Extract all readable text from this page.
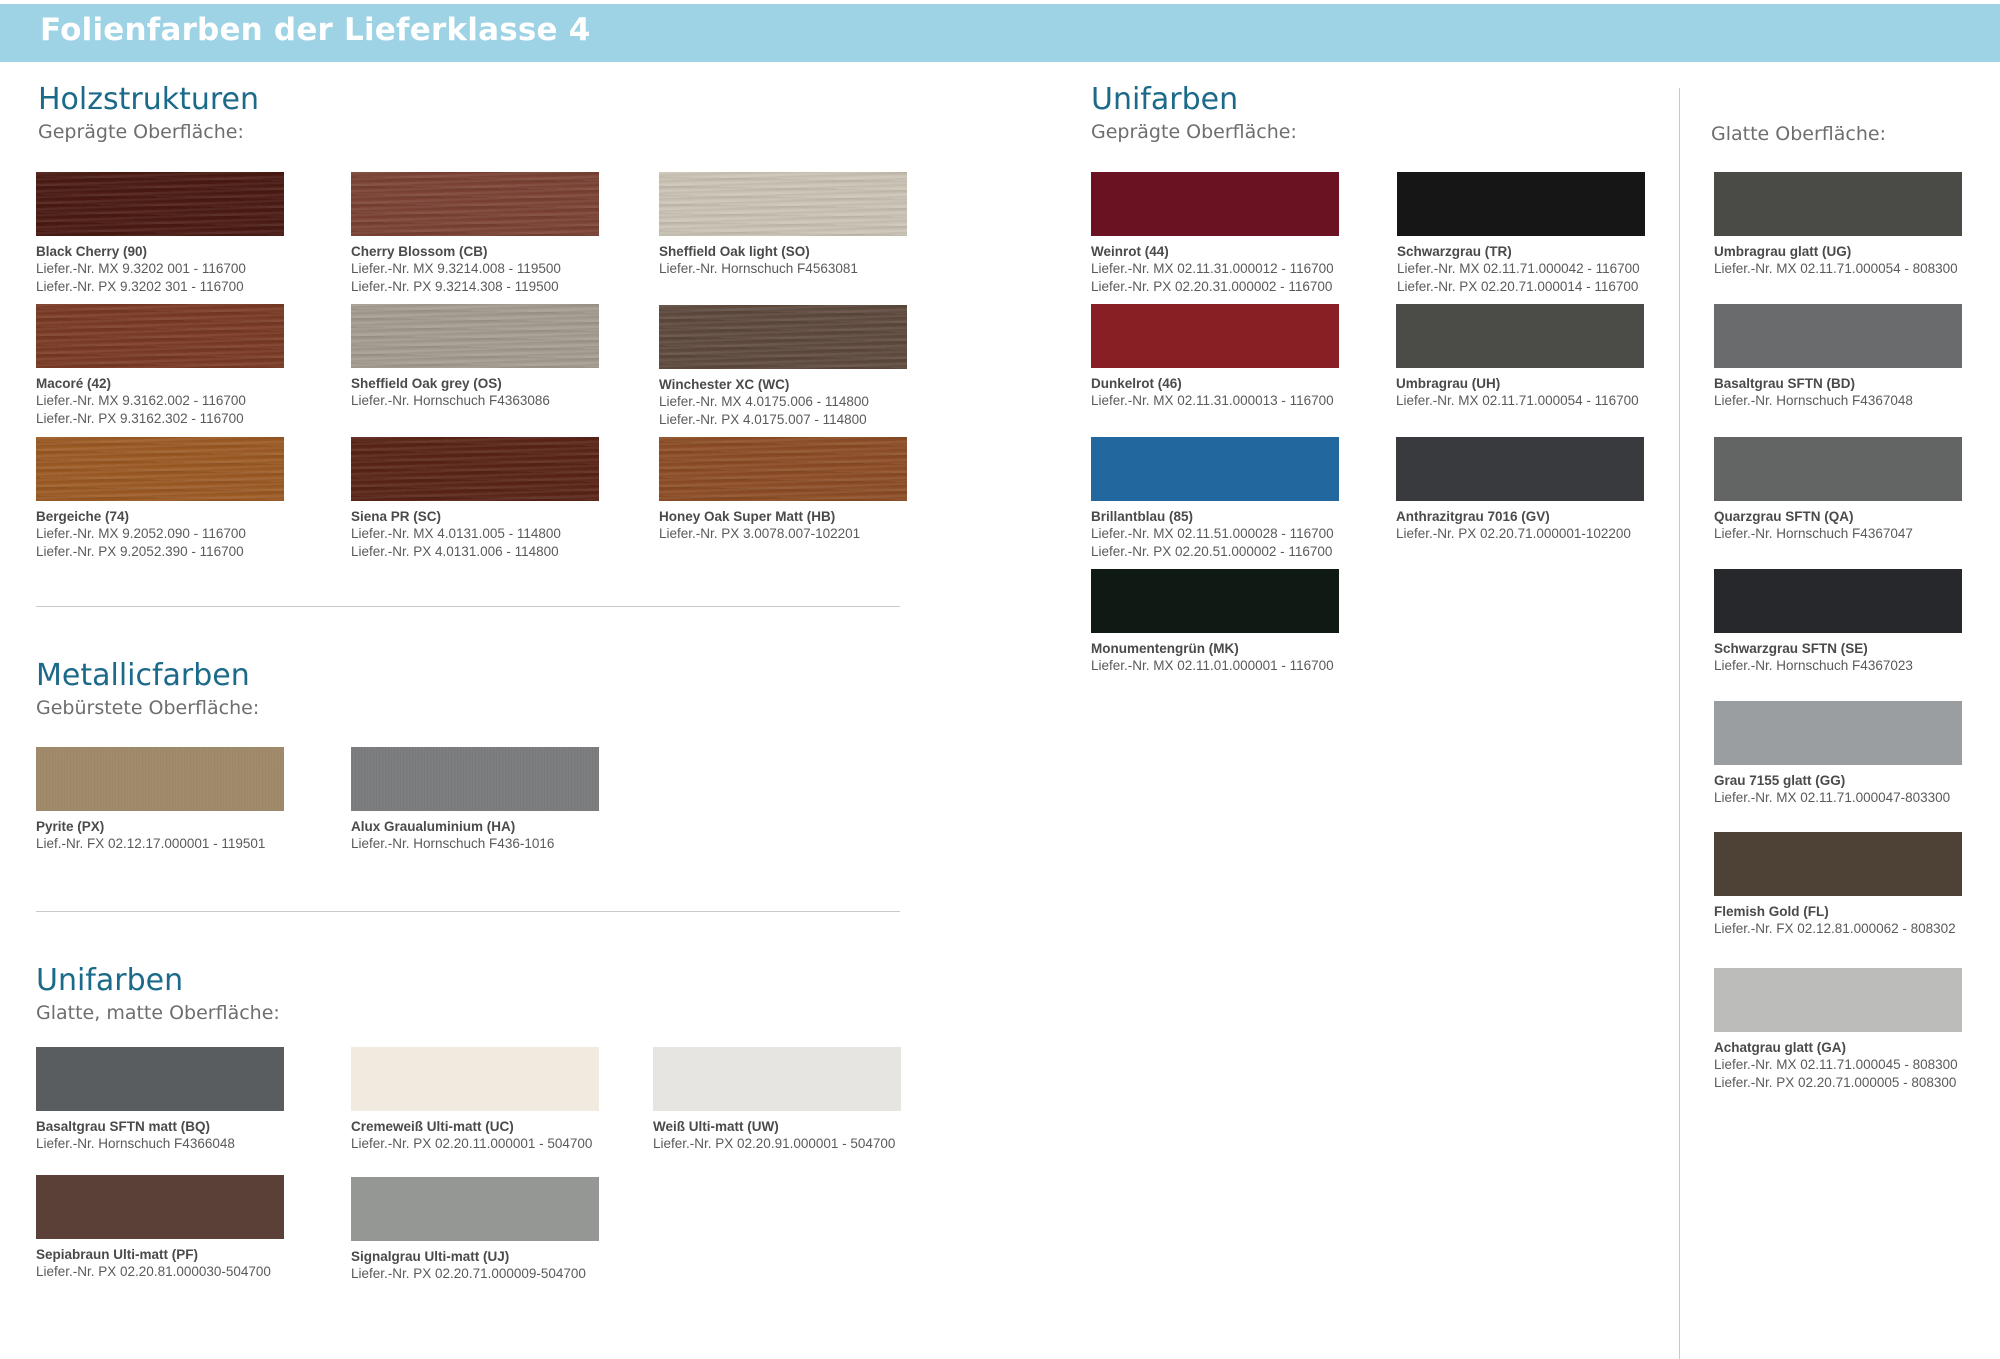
Folienfarben der Lieferklasse 4
Holzstrukturen
Geprägte Oberfläche:
Metallicfarben
Gebürstete Oberfläche:
Unifarben
Glatte, matte Oberfläche:
Unifarben
Geprägte Oberfläche:	Glatte Oberfläche:
Black Cherry (90)
Liefer.-Nr. MX 9.3202 001 - 116700
Liefer.-Nr. PX 9.3202 301 - 116700
Cherry Blossom (CB)
Liefer.-Nr. MX 9.3214.008 - 119500
Liefer.-Nr. PX 9.3214.308 - 119500
Sheffield Oak light (SO)
Liefer.-Nr. Hornschuch F4563081
Macoré (42)
Liefer.-Nr. MX 9.3162.002 - 116700
Liefer.-Nr. PX 9.3162.302 - 116700
Sheffield Oak grey (OS)
Liefer.-Nr. Hornschuch F4363086
Winchester XC (WC)
Liefer.-Nr. MX 4.0175.006 - 114800
Liefer.-Nr. PX 4.0175.007 - 114800
Bergeiche (74)
Liefer.-Nr. MX 9.2052.090 - 116700
Liefer.-Nr. PX 9.2052.390 - 116700
Siena PR (SC)
Liefer.-Nr. MX 4.0131.005 - 114800
Liefer.-Nr. PX 4.0131.006 - 114800
Honey Oak Super Matt (HB)
Liefer.-Nr. PX 3.0078.007-102201
Pyrite (PX)
Lief.-Nr. FX 02.12.17.000001 - 119501
Alux Graualuminium (HA)
Liefer.-Nr. Hornschuch F436-1016
Basaltgrau SFTN matt (BQ)
Liefer.-Nr. Hornschuch F4366048
Cremeweiß Ulti-matt (UC)
Liefer.-Nr. PX 02.20.11.000001 - 504700
Weiß Ulti-matt (UW)
Liefer.-Nr. PX 02.20.91.000001 - 504700
Sepiabraun Ulti-matt (PF)
Liefer.-Nr. PX 02.20.81.000030-504700
Signalgrau Ulti-matt (UJ)
Liefer.-Nr. PX 02.20.71.000009-504700
Weinrot (44)
Liefer.-Nr. MX 02.11.31.000012 - 116700
Liefer.-Nr. PX 02.20.31.000002 - 116700
Schwarzgrau (TR)
Liefer.-Nr. MX 02.11.71.000042 - 116700
Liefer.-Nr. PX 02.20.71.000014 - 116700
Dunkelrot (46)
Liefer.-Nr. MX 02.11.31.000013 - 116700
Umbragrau (UH)
Liefer.-Nr. MX 02.11.71.000054 - 116700
Brillantblau (85)
Liefer.-Nr. MX 02.11.51.000028 - 116700
Liefer.-Nr. PX 02.20.51.000002 - 116700
Anthrazitgrau 7016 (GV)
Liefer.-Nr. PX 02.20.71.000001-102200
Monumentengrün (MK)
Liefer.-Nr. MX 02.11.01.000001 - 116700
Umbragrau glatt (UG)
Liefer.-Nr. MX 02.11.71.000054 - 808300
Basaltgrau SFTN (BD)
Liefer.-Nr. Hornschuch F4367048
Quarzgrau SFTN (QA)
Liefer.-Nr. Hornschuch F4367047
Schwarzgrau SFTN (SE)
Liefer.-Nr. Hornschuch F4367023
Grau 7155 glatt (GG)
Liefer.-Nr. MX 02.11.71.000047-803300
Flemish Gold (FL)
Liefer.-Nr. FX 02.12.81.000062 - 808302
Achatgrau glatt (GA)
Liefer.-Nr. MX 02.11.71.000045 - 808300
Liefer.-Nr. PX 02.20.71.000005 - 808300
